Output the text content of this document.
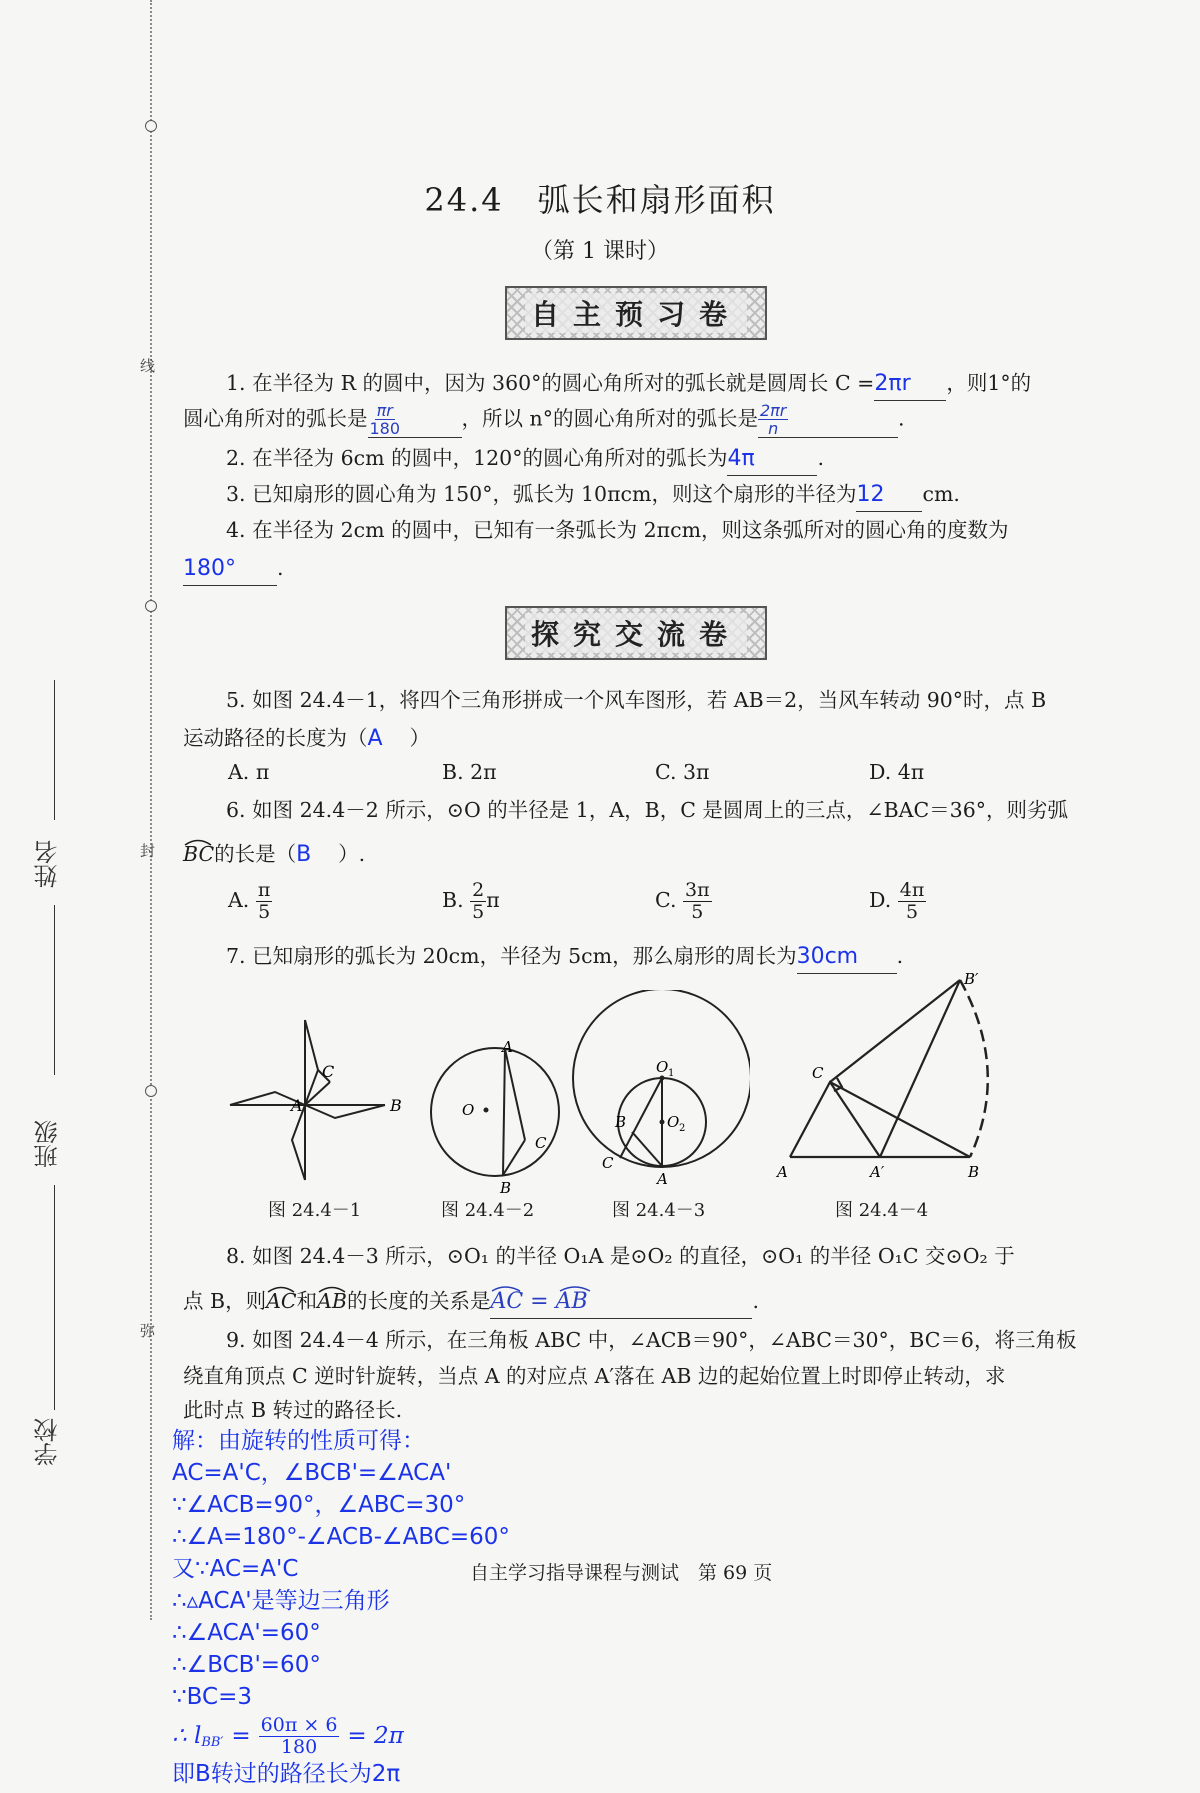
线
封
弥
姓名
班级
学校
24.4　弧长和扇形面积
（第 1 课时）
自主预习卷
1. 在半径为 R 的圆中，因为 360°的圆心角所对的弧长就是圆周长 C =2πr ，则1°的
圆心角所对的弧长是 $\frac{\pi r}{180}$	，所以 n°的圆心角所对的弧长是 $\frac{2\pi r}{n}$	.
2. 在半径为 6cm 的圆中，120°的圆心角所对的弧长为4π	.
3. 已知扇形的圆心角为 150°，弧长为 10πcm，则这个扇形的半径为12 cm.
4. 在半径为 2cm 的圆中，已知有一条弧长为 2πcm，则这条弧所对的圆心角的度数为
180° .
探究交流卷
5. 如图 24.4－1，将四个三角形拼成一个风车图形，若 AB＝2，当风车转动 90°时，点 B
运动路径的长度为（A ）
A. π	B. 2π	C. 3π	D. 4π
6. 如图 24.4－2 所示，⊙O 的半径是 1，A，B，C 是圆周上的三点，∠BAC＝36°，则劣弧
BC
的长是（B ）.
A. $\frac{\pi}{5}$	B. $\frac{2}{5}$ π	C. $\frac{3\pi}{5}$	D. $\frac{4\pi}{5}$
7. 已知扇形的弧长为 20cm，半径为 5cm，那么扇形的周长为30cm .
C
A	B
A
O
C
B
O 1
O 2
B
C
A
B′
C
A	A′	B
图 24.4－1	图 24.4－2	图 24.4－3	图 24.4－4
8. 如图 24.4－3 所示，⊙O₁ 的半径 O₁A 是⊙O₂ 的直径，⊙O₁ 的半径 O₁C 交⊙O₂ 于
点 B，则AC
和AB
的长度的关系是AC = AB	.
9. 如图 24.4－4 所示，在三角板 ABC 中，∠ACB＝90°，∠ABC＝30°，BC＝6，将三角板
绕直角顶点 C 逆时针旋转，当点 A 的对应点 A′落在 AB 边的起始位置上时即停止转动，求
此时点 B 转过的路径长.
解：由旋转的性质可得：
AC=A'C，∠BCB'=∠ACA'
∵∠ACB=90°，∠ABC=30°
∴∠A=180°-∠ACB-∠ABC=60°
又∵AC=A'C
∴▵ACA'是等边三角形
∴∠ACA'=60°
∴∠BCB'=60°
∵BC=3
∴ l $BB' = \frac{60\pi \times 6}{180} = 2\pi$
即B转过的路径长为2π
自主学习指导课程与测试　第 69 页
